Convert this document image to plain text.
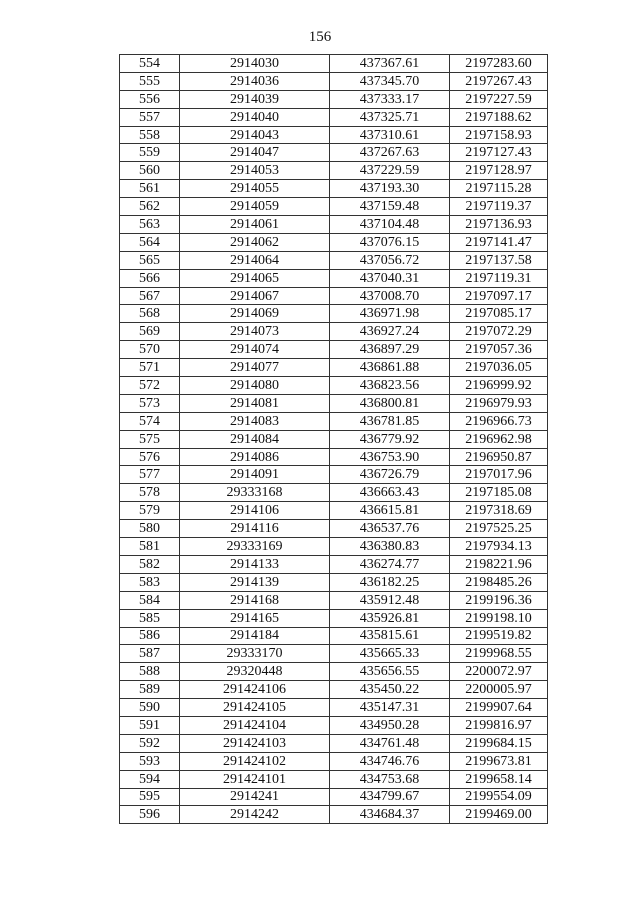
156
554	2914030	437367.61	2197283.60
555	2914036	437345.70	2197267.43
556	2914039	437333.17	2197227.59
557	2914040	437325.71	2197188.62
558	2914043	437310.61	2197158.93
559	2914047	437267.63	2197127.43
560	2914053	437229.59	2197128.97
561	2914055	437193.30	2197115.28
562	2914059	437159.48	2197119.37
563	2914061	437104.48	2197136.93
564	2914062	437076.15	2197141.47
565	2914064	437056.72	2197137.58
566	2914065	437040.31	2197119.31
567	2914067	437008.70	2197097.17
568	2914069	436971.98	2197085.17
569	2914073	436927.24	2197072.29
570	2914074	436897.29	2197057.36
571	2914077	436861.88	2197036.05
572	2914080	436823.56	2196999.92
573	2914081	436800.81	2196979.93
574	2914083	436781.85	2196966.73
575	2914084	436779.92	2196962.98
576	2914086	436753.90	2196950.87
577	2914091	436726.79	2197017.96
578	29333168	436663.43	2197185.08
579	2914106	436615.81	2197318.69
580	2914116	436537.76	2197525.25
581	29333169	436380.83	2197934.13
582	2914133	436274.77	2198221.96
583	2914139	436182.25	2198485.26
584	2914168	435912.48	2199196.36
585	2914165	435926.81	2199198.10
586	2914184	435815.61	2199519.82
587	29333170	435665.33	2199968.55
588	29320448	435656.55	2200072.97
589	291424106	435450.22	2200005.97
590	291424105	435147.31	2199907.64
591	291424104	434950.28	2199816.97
592	291424103	434761.48	2199684.15
593	291424102	434746.76	2199673.81
594	291424101	434753.68	2199658.14
595	2914241	434799.67	2199554.09
596	2914242	434684.37	2199469.00
